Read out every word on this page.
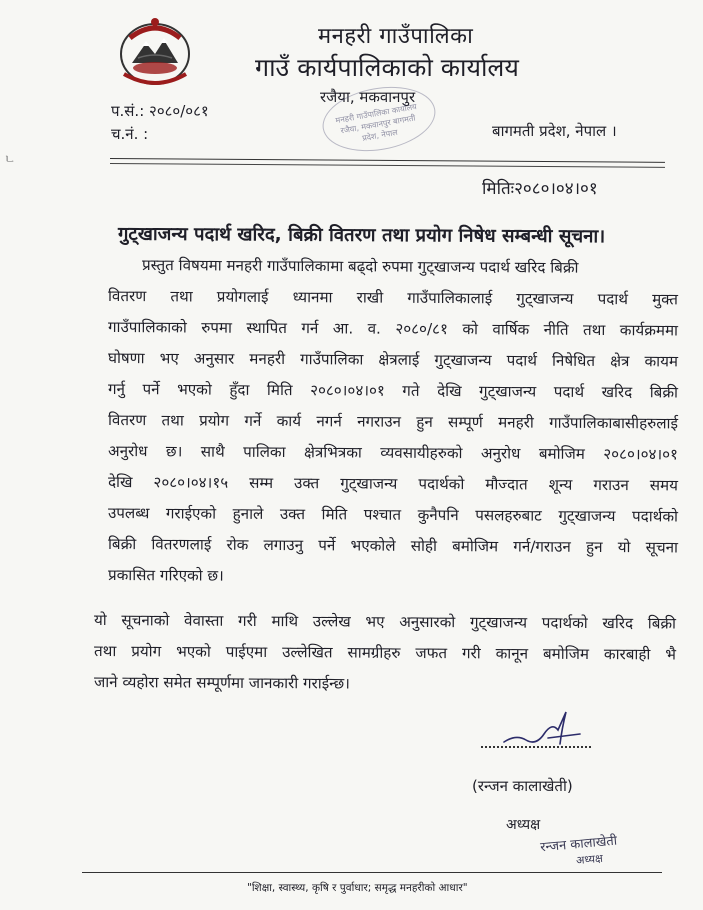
ㄴ
मनहरी गाउँपालिका
गाउँ कार्यपालिकाको कार्यालय
रजैया, मकवानपुर
मनहरी गाउँपालिका कार्यालय रजैया, मकवानपुर बागमती प्रदेश, नेपाल
प.सं.: २०८०/०८१
च.नं. :	बागमती प्रदेश, नेपाल ।
मितिः२०८०।०४।०१
गुट्खाजन्य पदार्थ खरिद, बिक्री वितरण तथा प्रयोग निषेध सम्बन्धी सूचना।
प्रस्तुत विषयमा मनहरी गाउँपालिकामा बढ्दो रुपमा गुट्खाजन्य पदार्थ खरिद बिक्री
वितरण तथा प्रयोगलाई ध्यानमा राखी गाउँपालिकालाई गुट्खाजन्य पदार्थ मुक्त
गाउँपालिकाको रुपमा स्थापित गर्न आ. व. २०८०/८१ को वार्षिक नीति तथा कार्यक्रममा
घोषणा भए अनुसार मनहरी गाउँपालिका क्षेत्रलाई गुट्खाजन्य पदार्थ निषेधित क्षेत्र कायम
गर्नु पर्ने भएको हुँदा मिति २०८०।०४।०१ गते देखि गुट्खाजन्य पदार्थ खरिद बिक्री
वितरण तथा प्रयोग गर्ने कार्य नगर्न नगराउन हुन सम्पूर्ण मनहरी गाउँपालिकाबासीहरुलाई
अनुरोध छ। साथै पालिका क्षेत्रभित्रका व्यवसायीहरुको अनुरोध बमोजिम २०८०।०४।०१
देखि २०८०।०४।१५ सम्म उक्त गुट्खाजन्य पदार्थको मौज्दात शून्य गराउन समय
उपलब्ध गराईएको हुनाले उक्त मिति पश्चात कुनैपनि पसलहरुबाट गुट्खाजन्य पदार्थको
बिक्री वितरणलाई रोक लगाउनु पर्ने भएकोले सोही बमोजिम गर्न/गराउन हुन यो सूचना
प्रकासित गरिएको छ।
यो सूचनाको वेवास्ता गरी माथि उल्लेख भए अनुसारको गुट्खाजन्य पदार्थको खरिद बिक्री
तथा प्रयोग भएको पाईएमा उल्लेखित सामग्रीहरु जफत गरी कानून बमोजिम कारबाही भै
जाने व्यहोरा समेत सम्पूर्णमा जानकारी गराईन्छ।
(रन्जन कालाखेती)
अध्यक्ष
रन्जन कालाखेती
अध्यक्ष
"शिक्षा, स्वास्थ्य, कृषि र पुर्वाधार; समृद्ध मनहरीको आधार"
